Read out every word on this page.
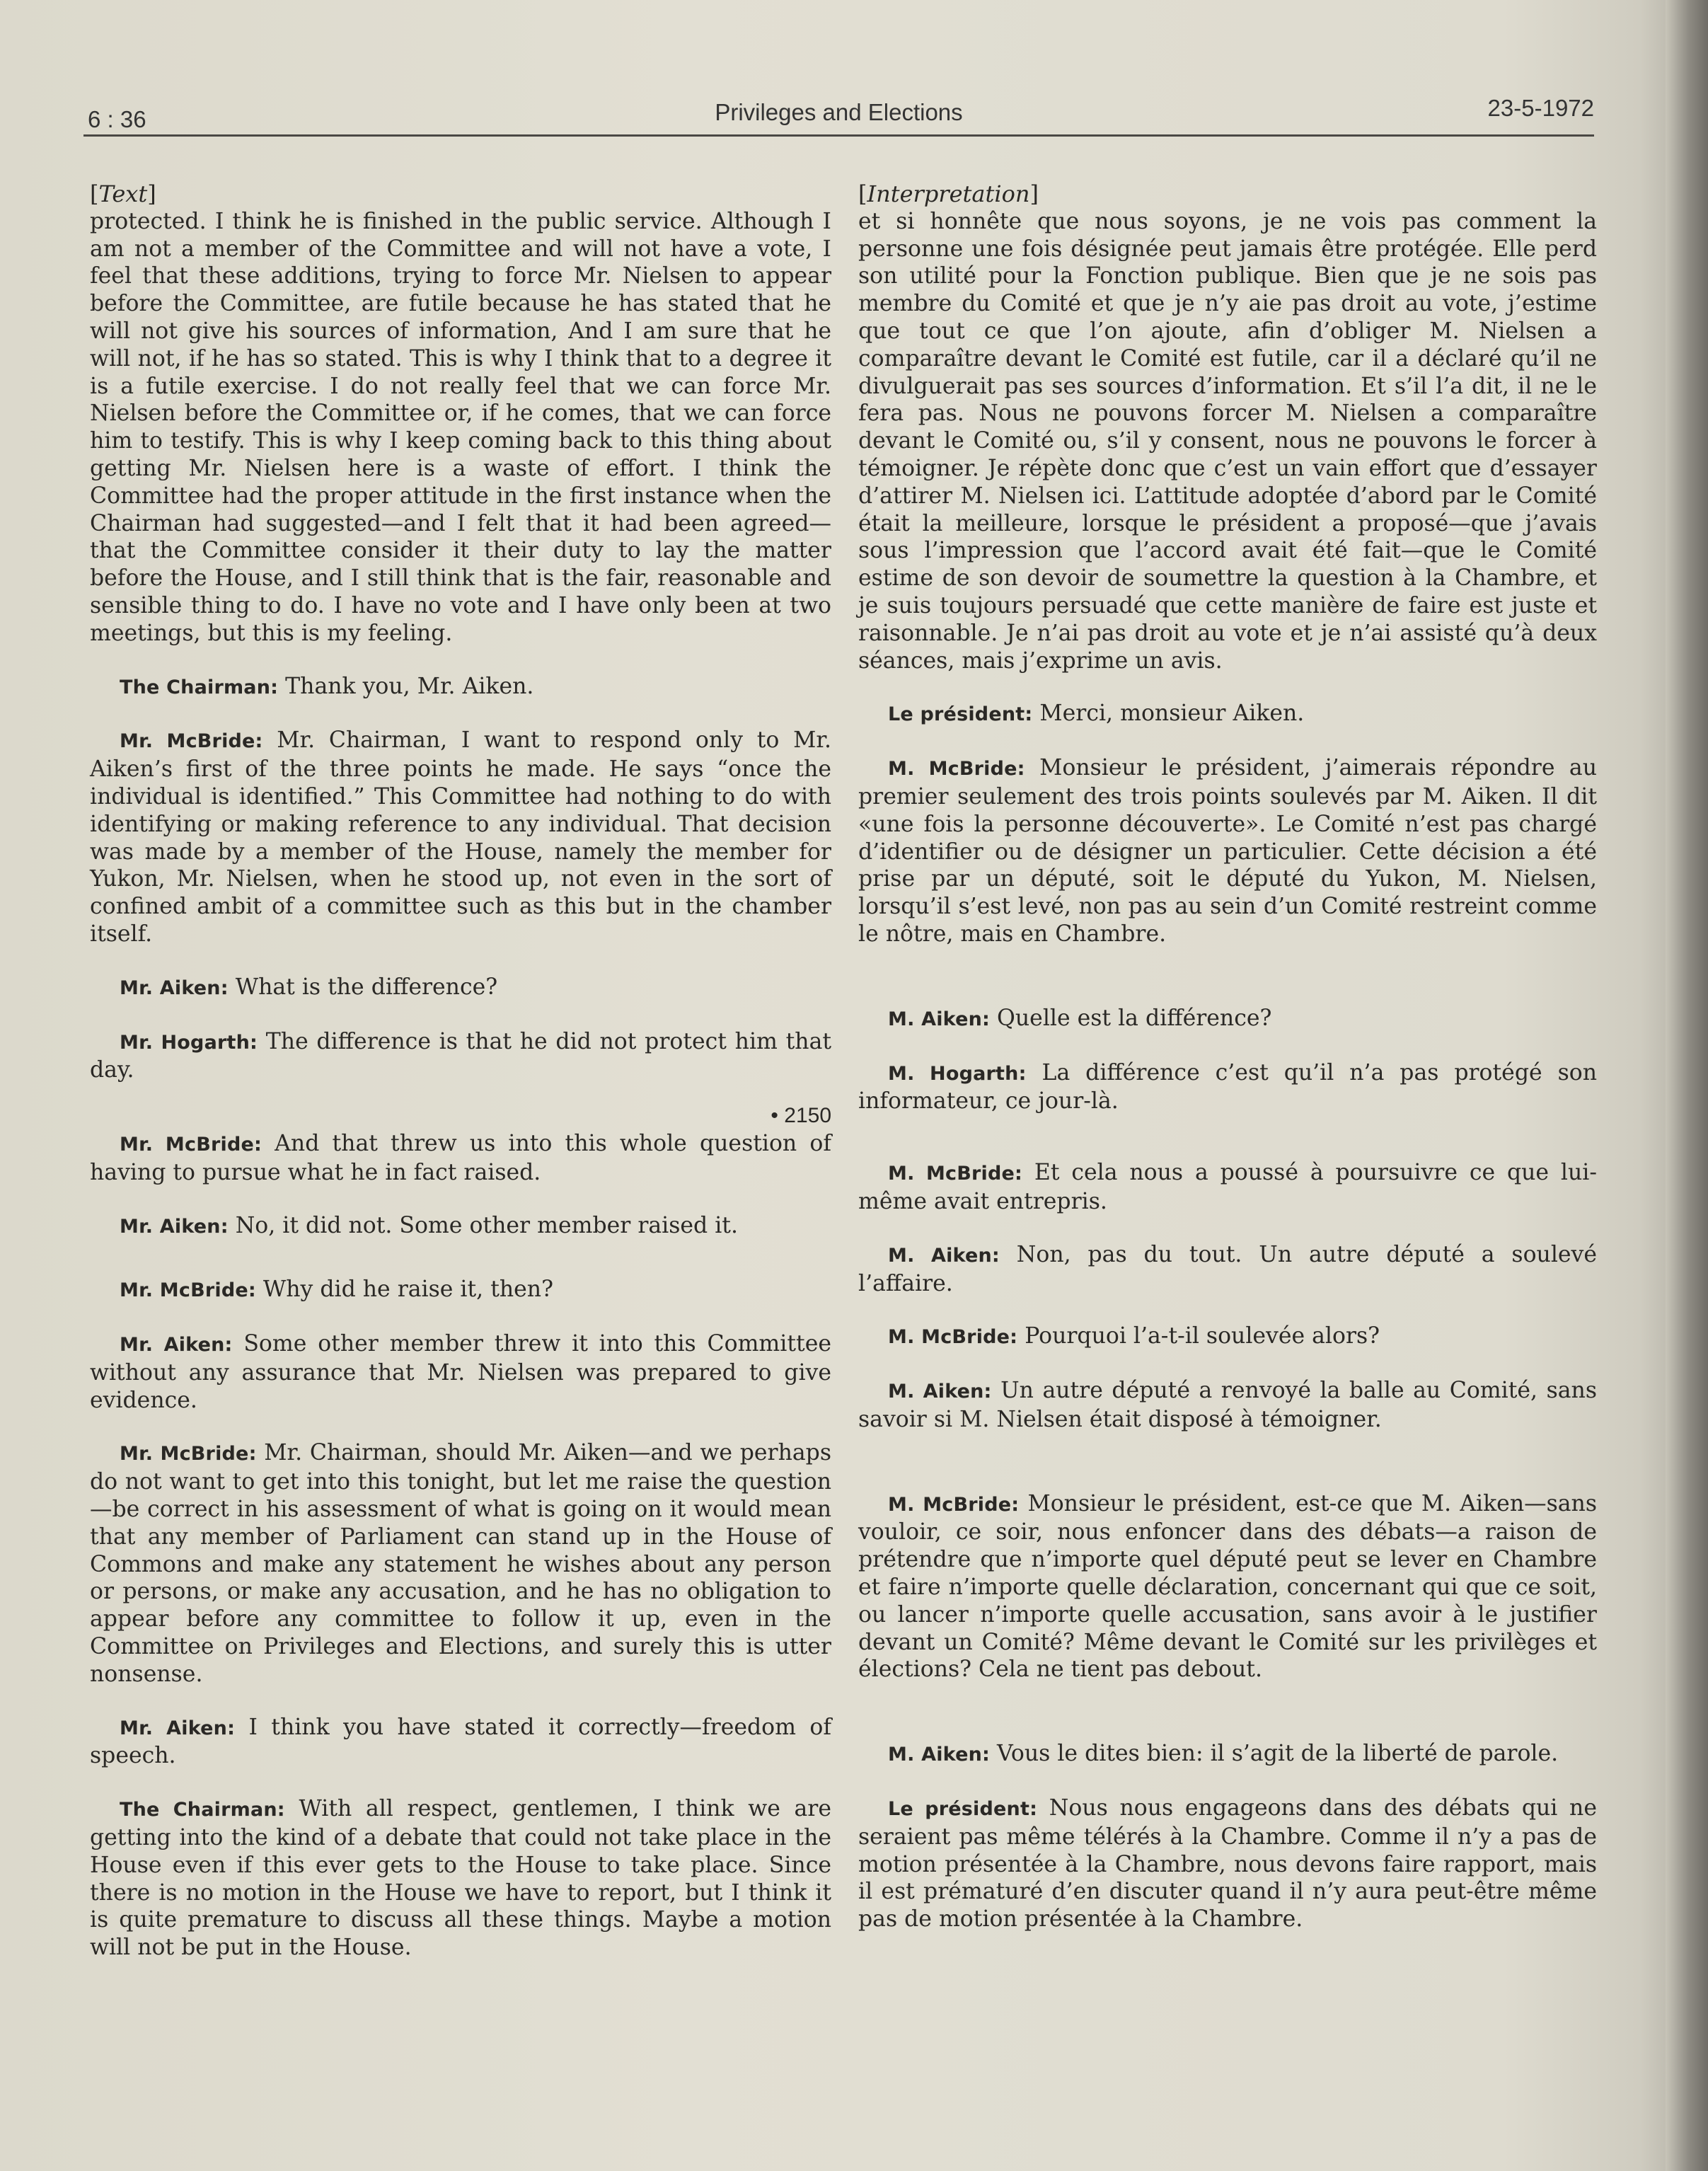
6 : 36	Privileges and Elections	23-5-1972

[Text]

protected. I think he is finished in the public service. Although I am not a member of the Committee and will not have a vote, I feel that these additions, trying to force Mr. Nielsen to appear before the Committee, are futile because he has stated that he will not give his sources of information, And I am sure that he will not, if he has so stated. This is why I think that to a degree it is a futile exercise. I do not really feel that we can force Mr. Nielsen before the Committee or, if he comes, that we can force him to testify. This is why I keep coming back to this thing about getting Mr. Nielsen here is a waste of effort. I think the Committee had the proper attitude in the first instance when the Chairman had suggested—and I felt that it had been agreed—that the Committee consider it their duty to lay the matter before the House, and I still think that is the fair, reasonable and sensible thing to do. I have no vote and I have only been at two meetings, but this is my feeling.

The Chairman: Thank you, Mr. Aiken.

Mr. McBride: Mr. Chairman, I want to respond only to Mr. Aiken’s first of the three points he made. He says “once the individual is identified.” This Committee had nothing to do with identifying or making reference to any individual. That decision was made by a member of the House, namely the member for Yukon, Mr. Nielsen, when he stood up, not even in the sort of confined ambit of a committee such as this but in the chamber itself.

Mr. Aiken: What is the difference?

Mr. Hogarth: The difference is that he did not protect him that day.

• 2150

Mr. McBride: And that threw us into this whole question of having to pursue what he in fact raised.

Mr. Aiken: No, it did not. Some other member raised it.

Mr. McBride: Why did he raise it, then?

Mr. Aiken: Some other member threw it into this Committee without any assurance that Mr. Nielsen was prepared to give evidence.

Mr. McBride: Mr. Chairman, should Mr. Aiken—and we perhaps do not want to get into this tonight, but let me raise the question—be correct in his assessment of what is going on it would mean that any member of Parliament can stand up in the House of Commons and make any statement he wishes about any person or persons, or make any accusation, and he has no obligation to appear before any committee to follow it up, even in the Committee on Privileges and Elections, and surely this is utter nonsense.

Mr. Aiken: I think you have stated it correctly—freedom of speech.

The Chairman: With all respect, gentlemen, I think we are getting into the kind of a debate that could not take place in the House even if this ever gets to the House to take place. Since there is no motion in the House we have to report, but I think it is quite premature to discuss all these things. Maybe a motion will not be put in the House.

[Interpretation]

et si honnête que nous soyons, je ne vois pas comment la personne une fois désignée peut jamais être protégée. Elle perd son utilité pour la Fonction publique. Bien que je ne sois pas membre du Comité et que je n’y aie pas droit au vote, j’estime que tout ce que l’on ajoute, afin d’obliger M. Nielsen a comparaître devant le Comité est futile, car il a déclaré qu’il ne divulguerait pas ses sources d’information. Et s’il l’a dit, il ne le fera pas. Nous ne pouvons forcer M. Nielsen a comparaître devant le Comité ou, s’il y consent, nous ne pouvons le forcer à témoigner. Je répète donc que c’est un vain effort que d’essayer d’attirer M. Nielsen ici. L’attitude adoptée d’abord par le Comité était la meilleure, lorsque le président a proposé—que j’avais sous l’impression que l’accord avait été fait—que le Comité estime de son devoir de soumettre la question à la Chambre, et je suis toujours persuadé que cette manière de faire est juste et raisonnable. Je n’ai pas droit au vote et je n’ai assisté qu’à deux séances, mais j’exprime un avis.

Le président: Merci, monsieur Aiken.

M. McBride: Monsieur le président, j’aimerais répondre au premier seulement des trois points soulevés par M. Aiken. Il dit «une fois la personne découverte». Le Comité n’est pas chargé d’identifier ou de désigner un particulier. Cette décision a été prise par un député, soit le député du Yukon, M. Nielsen, lorsqu’il s’est levé, non pas au sein d’un Comité restreint comme le nôtre, mais en Chambre.

M. Aiken: Quelle est la différence?

M. Hogarth: La différence c’est qu’il n’a pas protégé son informateur, ce jour-là.

M. McBride: Et cela nous a poussé à poursuivre ce que lui-même avait entrepris.

M. Aiken: Non, pas du tout. Un autre député a soulevé l’affaire.

M. McBride: Pourquoi l’a-t-il soulevée alors?

M. Aiken: Un autre député a renvoyé la balle au Comité, sans savoir si M. Nielsen était disposé à témoigner.

M. McBride: Monsieur le président, est-ce que M. Aiken—sans vouloir, ce soir, nous enfoncer dans des débats—a raison de prétendre que n’importe quel député peut se lever en Chambre et faire n’importe quelle déclaration, concernant qui que ce soit, ou lancer n’importe quelle accusation, sans avoir à le justifier devant un Comité? Même devant le Comité sur les privilèges et élections? Cela ne tient pas debout.

M. Aiken: Vous le dites bien: il s’agit de la liberté de parole.

Le président: Nous nous engageons dans des débats qui ne seraient pas même télérés à la Chambre. Comme il n’y a pas de motion présentée à la Chambre, nous devons faire rapport, mais il est prématuré d’en discuter quand il n’y aura peut-être même pas de motion présentée à la Chambre.
